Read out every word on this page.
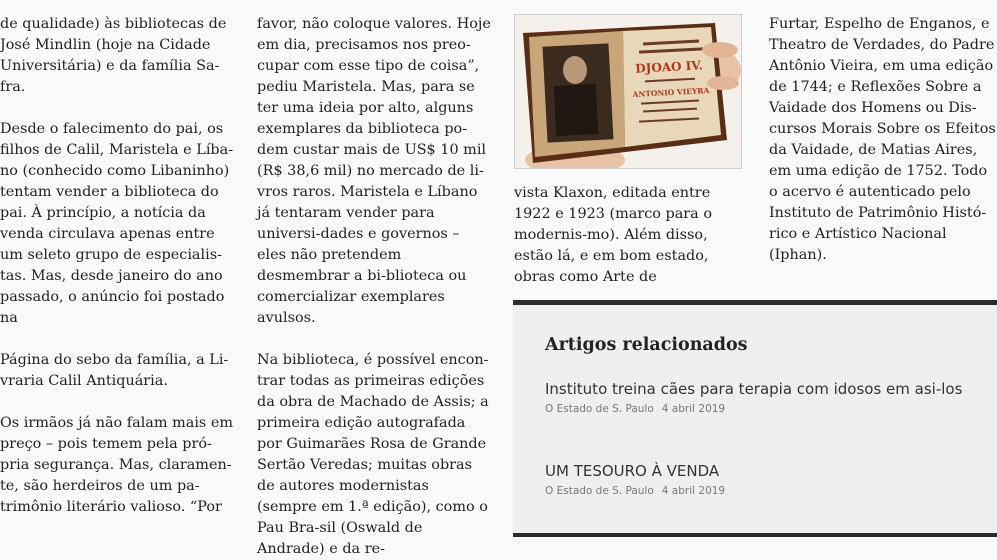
de qualidade) às bibliotecas de José Mindlin (hoje na Cidade Universitária) e da família Sa-fra.

Desde o falecimento do pai, os filhos de Calil, Maristela e Líba-no (conhecido como Libaninho) tentam vender a biblioteca do pai. À princípio, a notícia da venda circulava apenas entre um seleto grupo de especialis-tas. Mas, desde janeiro do ano passado, o anúncio foi postado na

Página do sebo da família, a Li-vraria Calil Antiquária.

Os irmãos já não falam mais em preço – pois temem pela pró-pria segurança. Mas, claramen-te, são herdeiros de um pa-trimônio literário valioso. “Por

favor, não coloque valores. Hoje em dia, precisamos nos preo-cupar com esse tipo de coisa”, pediu Maristela. Mas, para se ter uma ideia por alto, alguns exemplares da biblioteca po-dem custar mais de US$ 10 mil (R$ 38,6 mil) no mercado de li-vros raros. Maristela e Líbano já tentaram vender para universi-dades e governos – eles não pretendem desmembrar a bi-blioteca ou comercializar exemplares avulsos.

Na biblioteca, é possível encon-trar todas as primeiras edições da obra de Machado de Assis; a primeira edição autografada por Guimarães Rosa de Grande Sertão Veredas; muitas obras de autores modernistas (sempre em 1.ª edição), como o Pau Bra-sil (Oswald de Andrade) e da re-

DJOAO IV.
ANTONIO VIEYRA

vista Klaxon, editada entre 1922 e 1923 (marco para o modernis-mo). Além disso, estão lá, e em bom estado, obras como Arte de

Furtar, Espelho de Enganos, e Theatro de Verdades, do Padre Antônio Vieira, em uma edição de 1744; e Reflexões Sobre a Vaidade dos Homens ou Dis-cursos Morais Sobre os Efeitos da Vaidade, de Matias Aires, em uma edição de 1752. Todo o acervo é autenticado pelo Instituto de Patrimônio Histó-rico e Artístico Nacional (Iphan).

Artigos relacionados
Instituto treina cães para terapia com idosos em asi-los
O Estado de S. Paulo 4 abril 2019
UM TESOURO À VENDA
O Estado de S. Paulo 4 abril 2019
